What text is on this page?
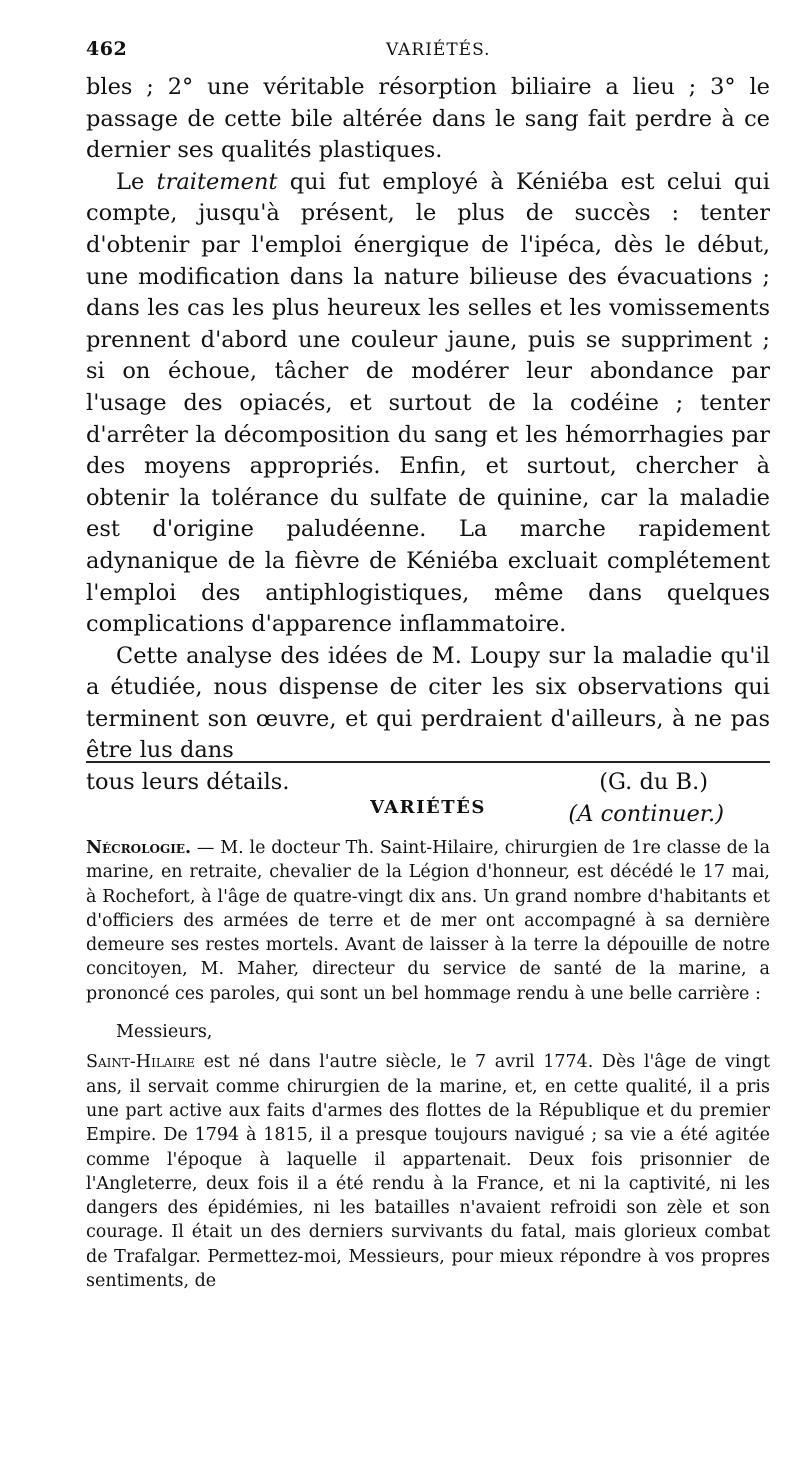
462	VARIÉTÉS.

bles ; 2° une véritable résorption biliaire a lieu ; 3° le passage de cette bile altérée dans le sang fait perdre à ce dernier ses qualités plastiques.

Le traitement qui fut employé à Kéniéba est celui qui compte, jusqu'à présent, le plus de succès : tenter d'obtenir par l'emploi énergique de l'ipéca, dès le début, une modification dans la nature bilieuse des évacuations ; dans les cas les plus heureux les selles et les vomissements prennent d'abord une couleur jaune, puis se suppriment ; si on échoue, tâcher de modérer leur abondance par l'usage des opiacés, et surtout de la codéine ; tenter d'arrêter la décomposition du sang et les hémorrhagies par des moyens appropriés. Enfin, et surtout, chercher à obtenir la tolérance du sulfate de quinine, car la maladie est d'origine paludéenne. La marche rapidement adynanique de la fièvre de Kéniéba excluait complétement l'emploi des antiphlogistiques, même dans quelques complications d'apparence inflammatoire.

Cette analyse des idées de M. Loupy sur la maladie qu'il a étudiée, nous dispense de citer les six observations qui terminent son œuvre, et qui perdraient d'ailleurs, à ne pas être lus dans

tous leurs détails.	(G. du B.)
(A continuer.)
VARIÉTÉS

Nécrologie. — M. le docteur Th. Saint-Hilaire, chirurgien de 1re classe de la marine, en retraite, chevalier de la Légion d'honneur, est décédé le 17 mai, à Rochefort, à l'âge de quatre-vingt dix ans. Un grand nombre d'habitants et d'officiers des armées de terre et de mer ont accompagné à sa dernière demeure ses restes mortels. Avant de laisser à la terre la dépouille de notre concitoyen, M. Maher, directeur du service de santé de la marine, a prononcé ces paroles, qui sont un bel hommage rendu à une belle carrière :

Messieurs,

Saint-Hilaire est né dans l'autre siècle, le 7 avril 1774. Dès l'âge de vingt ans, il servait comme chirurgien de la marine, et, en cette qualité, il a pris une part active aux faits d'armes des flottes de la République et du premier Empire. De 1794 à 1815, il a presque toujours navigué ; sa vie a été agitée comme l'époque à laquelle il appartenait. Deux fois prisonnier de l'Angleterre, deux fois il a été rendu à la France, et ni la captivité, ni les dangers des épidémies, ni les batailles n'avaient refroidi son zèle et son courage. Il était un des derniers survivants du fatal, mais glorieux combat de Trafalgar. Permettez-moi, Messieurs, pour mieux répondre à vos propres sentiments, de
